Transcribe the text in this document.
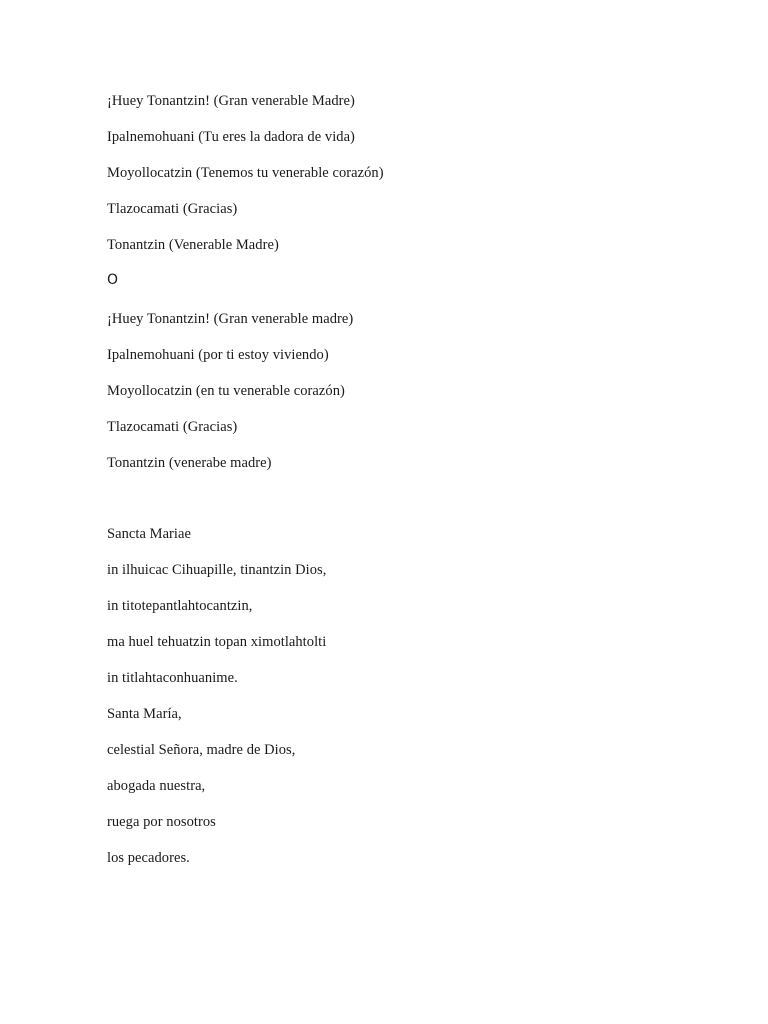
¡Huey Tonantzin! (Gran venerable Madre)

Ipalnemohuani (Tu eres la dadora de vida)

Moyollocatzin (Tenemos tu venerable corazón)

Tlazocamati (Gracias)

Tonantzin (Venerable Madre)

O

¡Huey Tonantzin! (Gran venerable madre)

Ipalnemohuani (por ti estoy viviendo)

Moyollocatzin (en tu venerable corazón)

Tlazocamati (Gracias)

Tonantzin (venerabe madre)

Sancta Mariae

in ilhuicac Cihuapille, tinantzin Dios,

in titotepantlahtocantzin,

ma huel tehuatzin topan ximotlahtolti

in titlahtaconhuanime.

Santa María,

celestial Señora, madre de Dios,

abogada nuestra,

ruega por nosotros

los pecadores.
